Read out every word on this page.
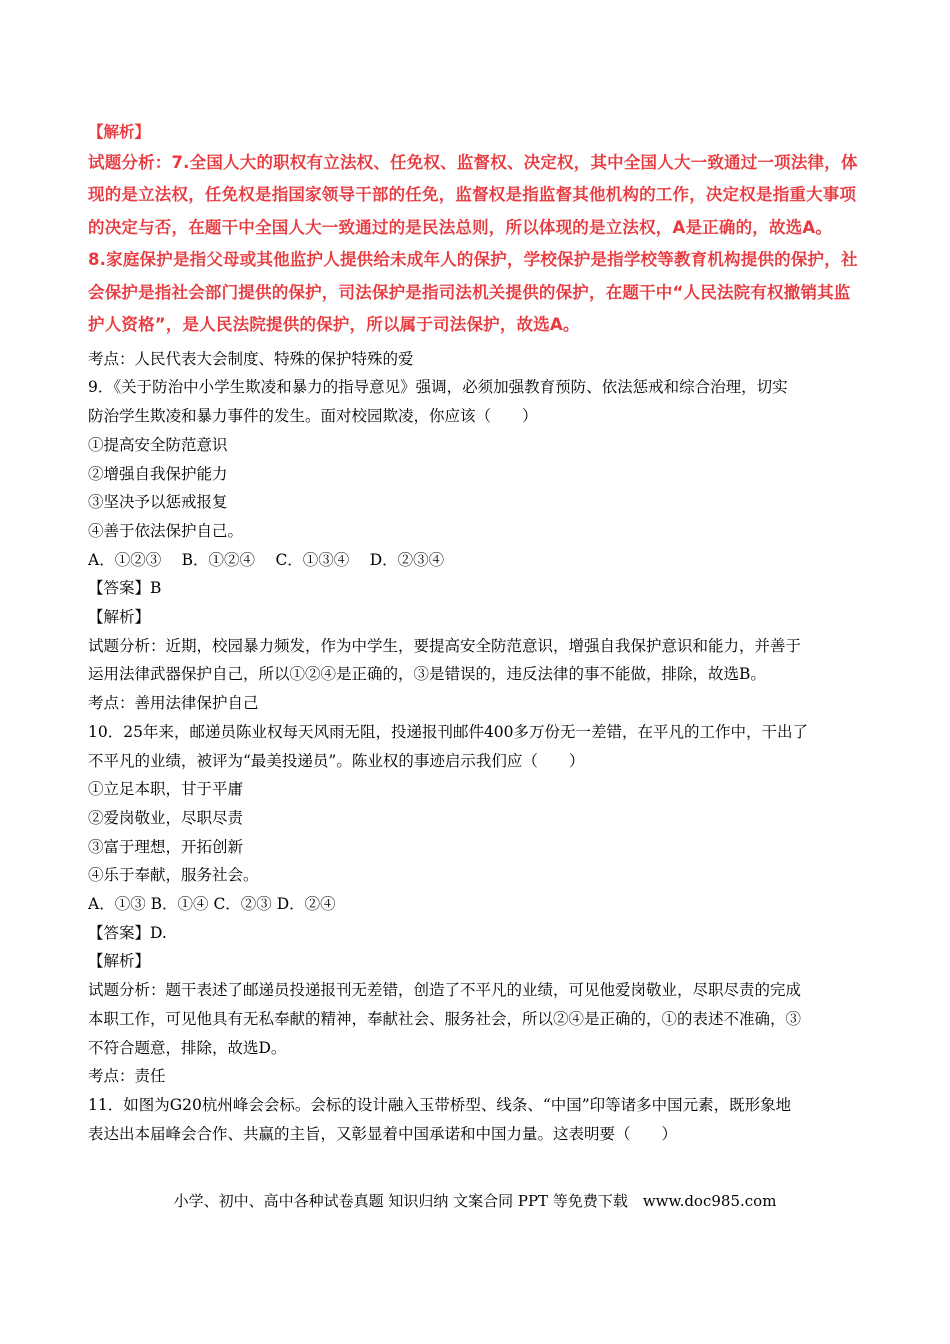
【解析】
试题分析：7.全国人大的职权有立法权、任免权、监督权、决定权，其中全国人大一致通过一项法律，体
现的是立法权，任免权是指国家领导干部的任免，监督权是指监督其他机构的工作，决定权是指重大事项
的决定与否，在题干中全国人大一致通过的是民法总则，所以体现的是立法权，A是正确的，故选A。
8.家庭保护是指父母或其他监护人提供给未成年人的保护，学校保护是指学校等教育机构提供的保护，社
会保护是指社会部门提供的保护，司法保护是指司法机关提供的保护，在题干中“人民法院有权撤销其监
护人资格”，是人民法院提供的保护，所以属于司法保护，故选A。
考点：人民代表大会制度、特殊的保护特殊的爱
9．《关于防治中小学生欺凌和暴力的指导意见》强调，必须加强教育预防、依法惩戒和综合治理，切实
防治学生欺凌和暴力事件的发生。面对校园欺凌，你应该（　　）
①提高安全防范意识
②增强自我保护能力
③坚决予以惩戒报复
④善于依法保护自己。
A．①②③　 B．①②④　 C．①③④　 D．②③④
【答案】B
【解析】
试题分析：近期，校园暴力频发，作为中学生，要提高安全防范意识，增强自我保护意识和能力，并善于
运用法律武器保护自己，所以①②④是正确的，③是错误的，违反法律的事不能做，排除，故选B。
考点：善用法律保护自己
10．25年来，邮递员陈业权每天风雨无阻，投递报刊邮件400多万份无一差错，在平凡的工作中，干出了
不平凡的业绩，被评为“最美投递员”。陈业权的事迹启示我们应（　　）
①立足本职，甘于平庸
②爱岗敬业，尽职尽责
③富于理想，开拓创新
④乐于奉献，服务社会。
A．①③ B．①④ C．②③ D．②④
【答案】D.
【解析】
试题分析：题干表述了邮递员投递报刊无差错，创造了不平凡的业绩，可见他爱岗敬业，尽职尽责的完成
本职工作，可见他具有无私奉献的精神，奉献社会、服务社会，所以②④是正确的，①的表述不准确，③
不符合题意，排除，故选D。
考点：责任
11．如图为G20杭州峰会会标。会标的设计融入玉带桥型、线条、“中国”印等诸多中国元素，既形象地
表达出本届峰会合作、共赢的主旨，又彰显着中国承诺和中国力量。这表明要（　　）
小学、初中、高中各种试卷真题 知识归纳 文案合同 PPT 等免费下载　www.doc985.com
